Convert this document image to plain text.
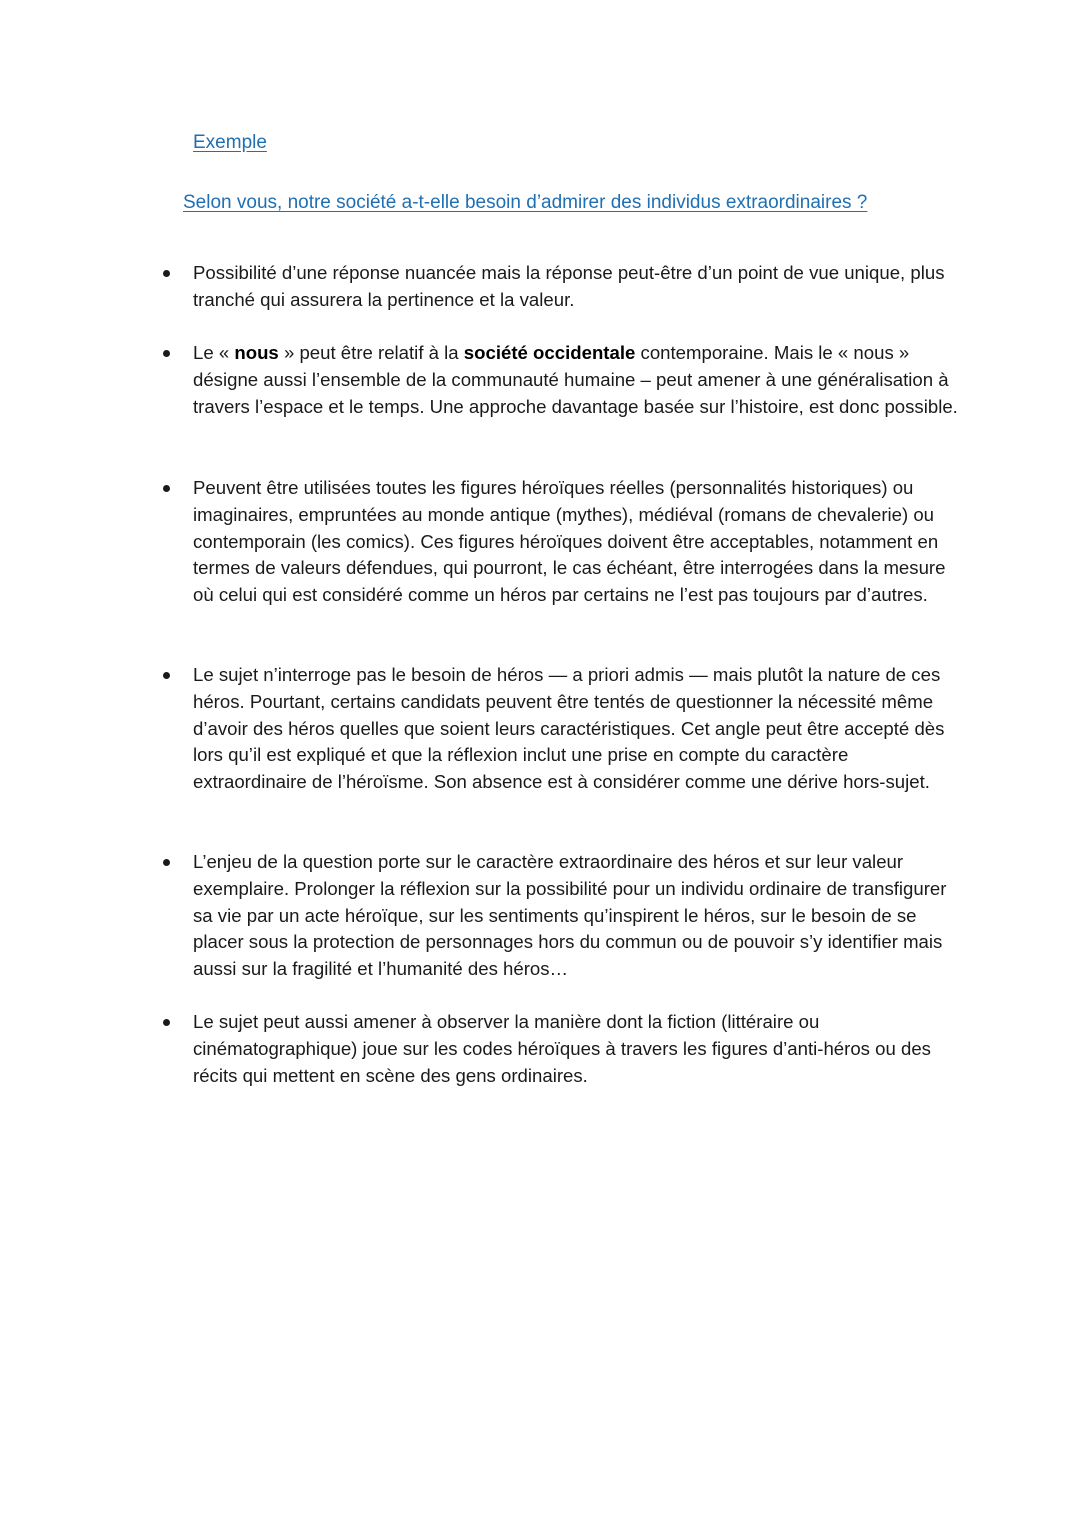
Exemple
Selon vous, notre société a-t-elle besoin d’admirer des individus extraordinaires ?

Possibilité d’une réponse nuancée mais la réponse peut-être d’un point de vue unique, plus tranché qui assurera la pertinence et la valeur.

Le « nous » peut être relatif à la société occidentale contemporaine. Mais le « nous » désigne aussi l’ensemble de la communauté humaine – peut amener à une généralisation à travers l’espace et le temps. Une approche davantage basée sur l’histoire, est donc possible.

Peuvent être utilisées toutes les figures héroïques réelles (personnalités historiques) ou imaginaires, empruntées au monde antique (mythes), médiéval (romans de chevalerie) ou contemporain (les comics). Ces figures héroïques doivent être acceptables, notamment en termes de valeurs défendues, qui pourront, le cas échéant, être interrogées dans la mesure où celui qui est considéré comme un héros par certains ne l’est pas toujours par d’autres.

Le sujet n’interroge pas le besoin de héros — a priori admis — mais plutôt la nature de ces héros. Pourtant, certains candidats peuvent être tentés de questionner la nécessité même d’avoir des héros quelles que soient leurs caractéristiques. Cet angle peut être accepté dès lors qu’il est expliqué et que la réflexion inclut une prise en compte du caractère extraordinaire de l’héroïsme. Son absence est à considérer comme une dérive hors-sujet.

L’enjeu de la question porte sur le caractère extraordinaire des héros et sur leur valeur exemplaire. Prolonger la réflexion sur la possibilité pour un individu ordinaire de transfigurer sa vie par un acte héroïque, sur les sentiments qu’inspirent le héros, sur le besoin de se placer sous la protection de personnages hors du commun ou de pouvoir s’y identifier mais aussi sur la fragilité et l’humanité des héros…

Le sujet peut aussi amener à observer la manière dont la fiction (littéraire ou cinématographique) joue sur les codes héroïques à travers les figures d’anti-héros ou des récits qui mettent en scène des gens ordinaires.
